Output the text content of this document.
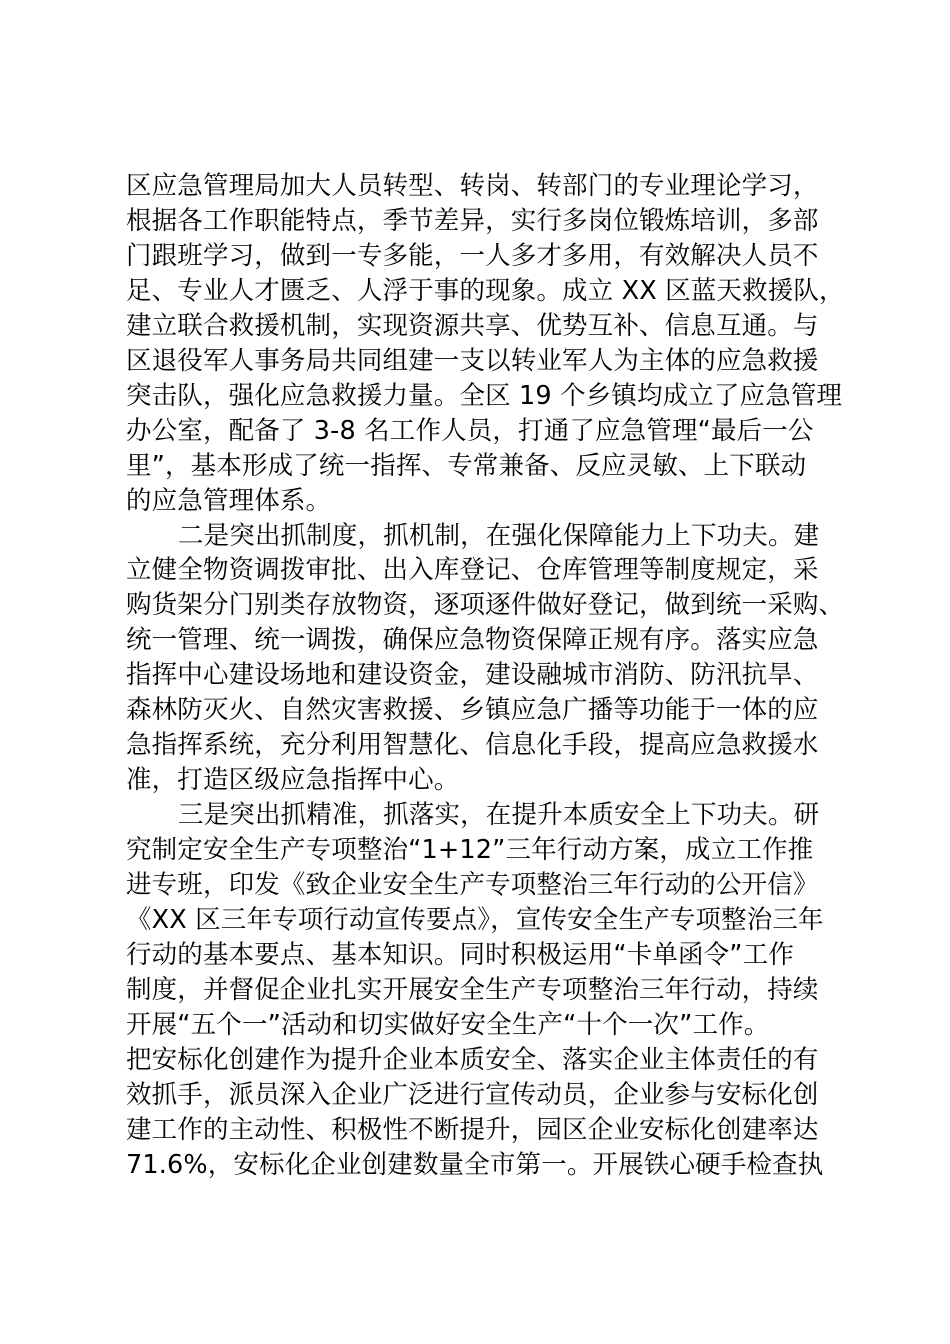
区应急管理局加大人员转型、转岗、转部门的专业理论学习，
根据各工作职能特点，季节差异，实行多岗位锻炼培训，多部
门跟班学习，做到一专多能，一人多才多用，有效解决人员不
足、专业人才匮乏、人浮于事的现象。成立 XX 区蓝天救援队，
建立联合救援机制，实现资源共享、优势互补、信息互通。与
区退役军人事务局共同组建一支以转业军人为主体的应急救援
突击队，强化应急救援力量。全区 19 个乡镇均成立了应急管理
办公室，配备了 3-8 名工作人员，打通了应急管理“最后一公
里”，基本形成了统一指挥、专常兼备、反应灵敏、上下联动
的应急管理体系。
二是突出抓制度，抓机制，在强化保障能力上下功夫。建
立健全物资调拨审批、出入库登记、仓库管理等制度规定，采
购货架分门别类存放物资，逐项逐件做好登记，做到统一采购、
统一管理、统一调拨，确保应急物资保障正规有序。落实应急
指挥中心建设场地和建设资金，建设融城市消防、防汛抗旱、
森林防灭火、自然灾害救援、乡镇应急广播等功能于一体的应
急指挥系统，充分利用智慧化、信息化手段，提高应急救援水
准，打造区级应急指挥中心。
三是突出抓精准，抓落实，在提升本质安全上下功夫。研
究制定安全生产专项整治“1+12”三年行动方案，成立工作推
进专班，印发《致企业安全生产专项整治三年行动的公开信》
《XX 区三年专项行动宣传要点》，宣传安全生产专项整治三年
行动的基本要点、基本知识。同时积极运用“卡单函令”工作
制度，并督促企业扎实开展安全生产专项整治三年行动，持续
开展“五个一”活动和切实做好安全生产“十个一次”工作。
把安标化创建作为提升企业本质安全、落实企业主体责任的有
效抓手，派员深入企业广泛进行宣传动员，企业参与安标化创
建工作的主动性、积极性不断提升，园区企业安标化创建率达
71.6%，安标化企业创建数量全市第一。开展铁心硬手检查执
